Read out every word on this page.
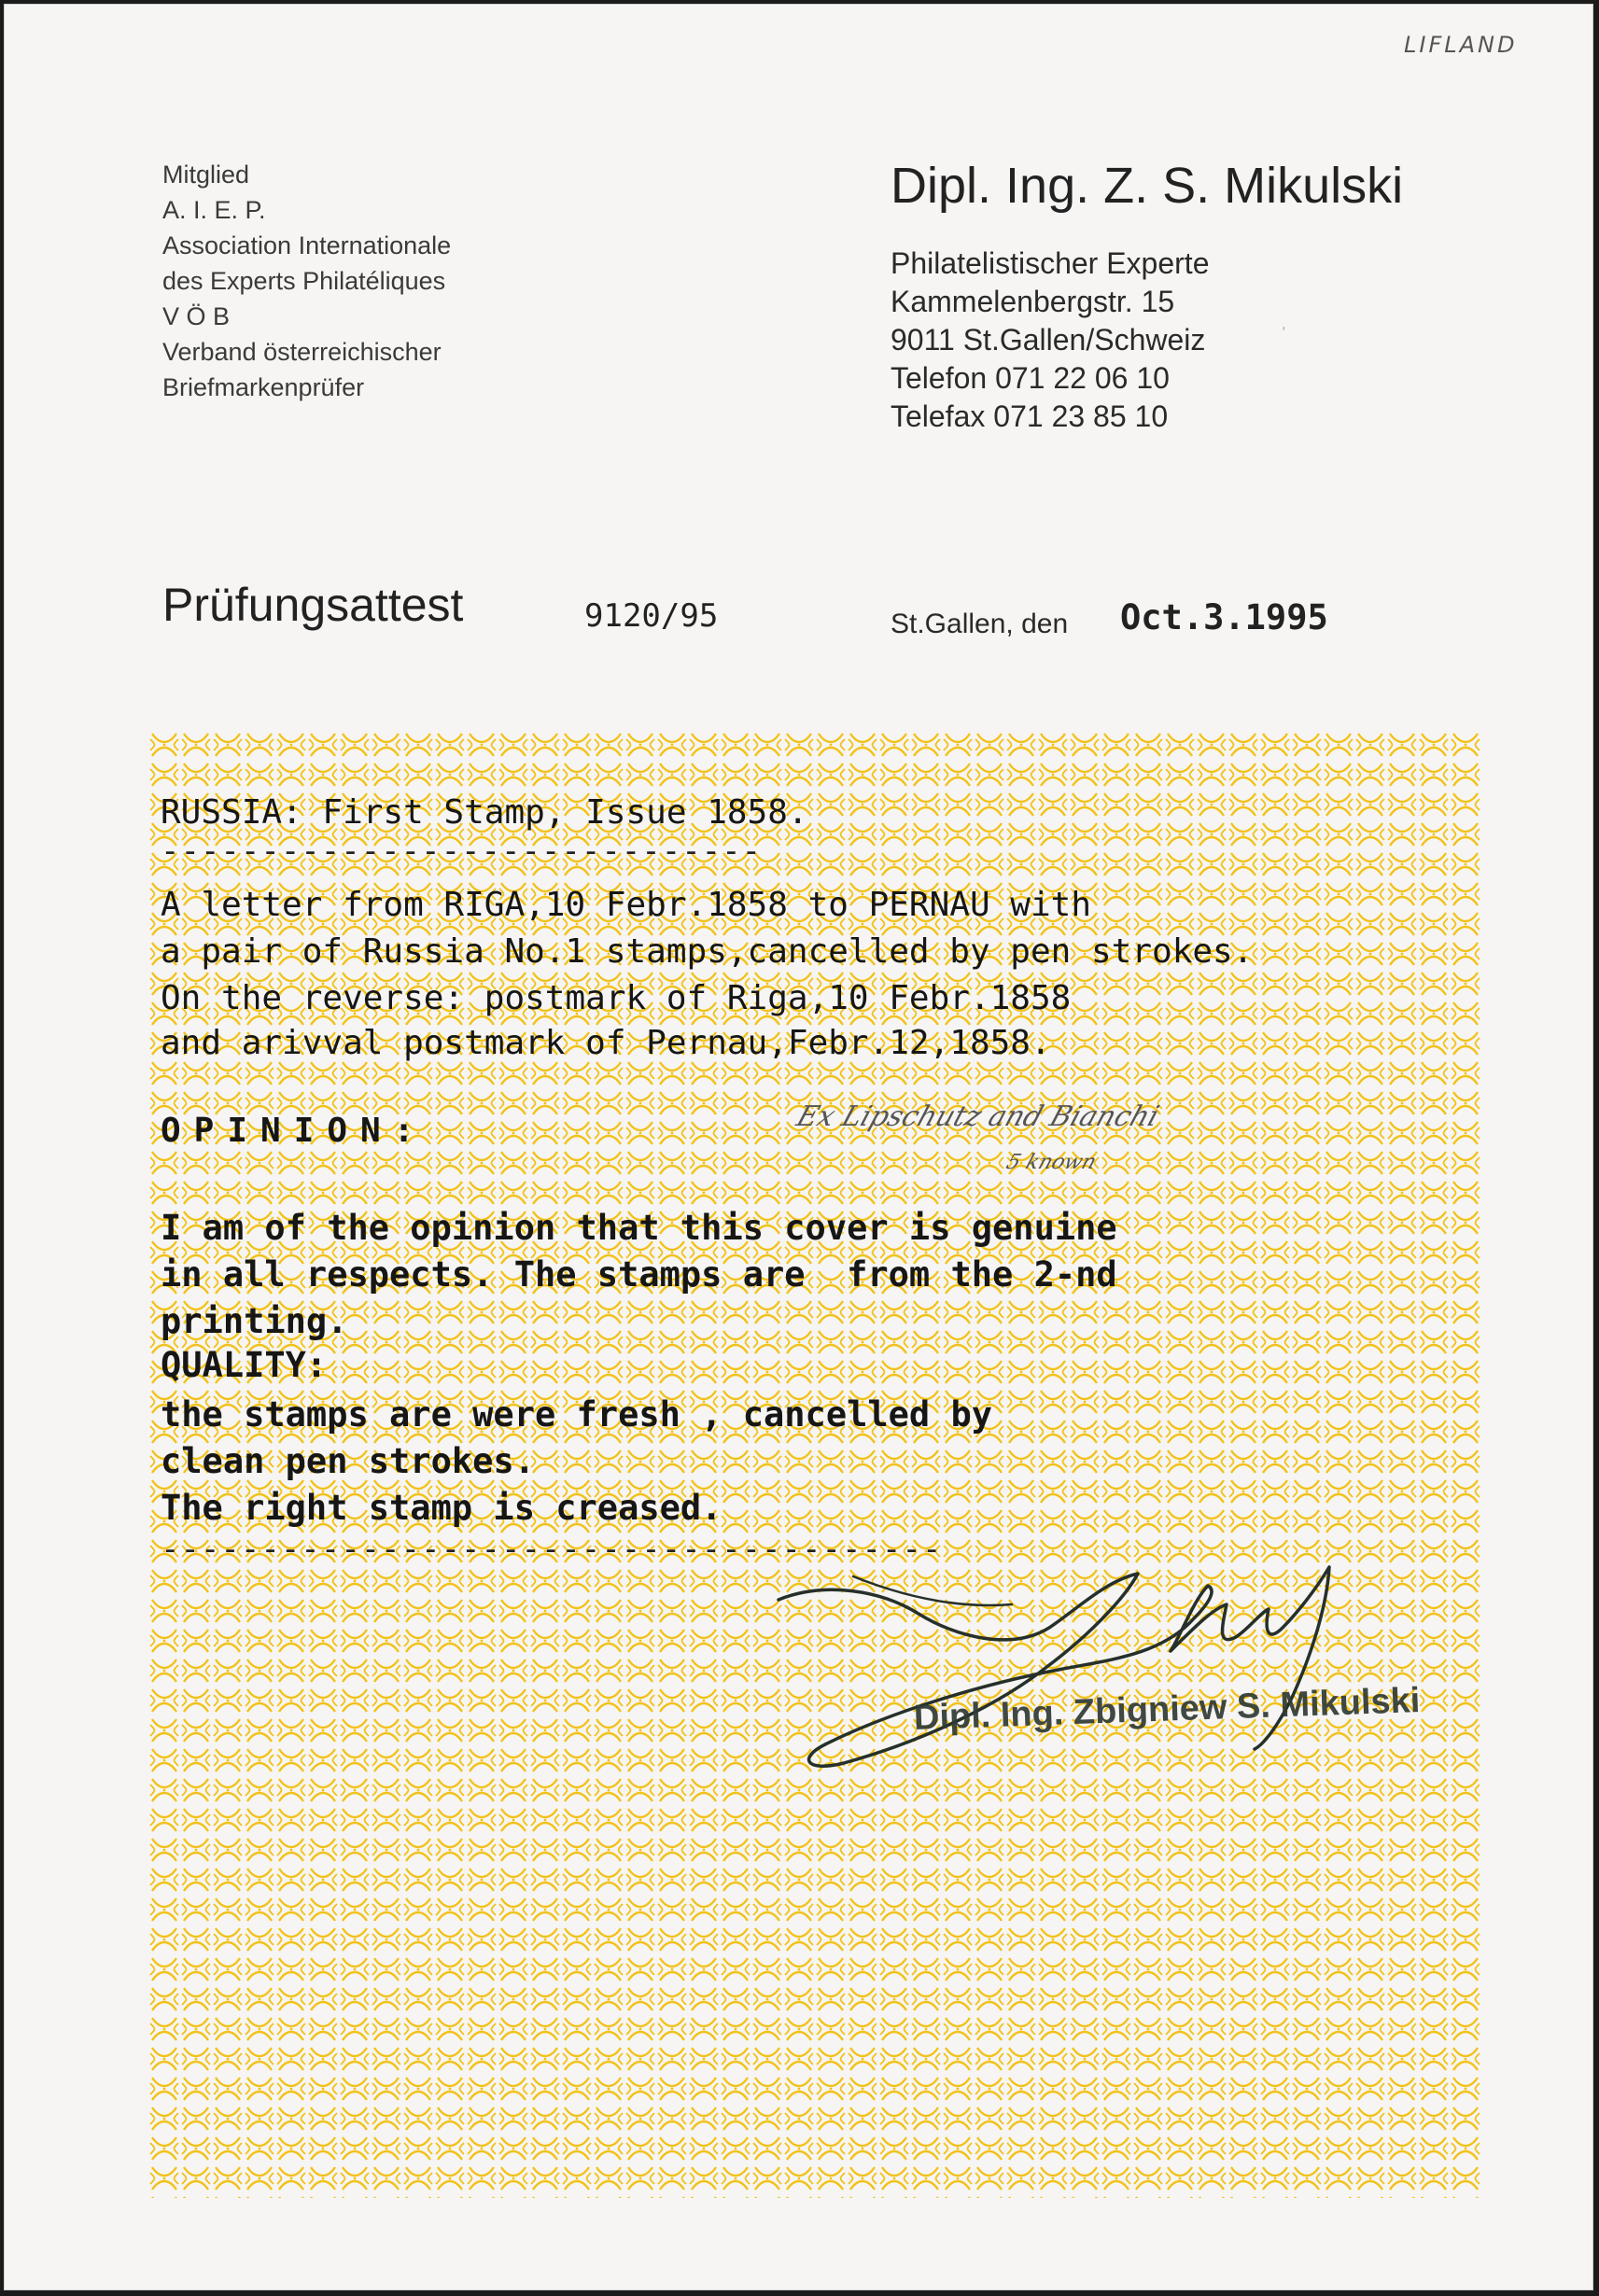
LIFLAND
Mitglied
A. I. E. P.
Association Internationale
des Experts Philatéliques
V Ö B
Verband österreichischer
Briefmarkenprüfer
Dipl. Ing. Z. S. Mikulski
Philatelistischer Experte
Kammelenbergstr. 15
9011 St.Gallen/Schweiz
Telefon 071 22 06 10
Telefax 071 23 85 10
Prüfungsattest	9120/95	St.Gallen, den Oct.3.1995
RUSSIA: First Stamp, Issue 1858.
------------------------------
A letter from RIGA,10 Febr.1858 to PERNAU with
a pair of Russia No.1 stamps,cancelled by pen strokes.
On the reverse: postmark of Riga,10 Febr.1858
and arivval postmark of Pernau,Febr.12,1858.
OPINION:
I am of the opinion that this cover is genuine
in all respects. The stamps are  from the 2-nd
printing.
QUALITY:
the stamps are were fresh , cancelled by
clean pen strokes.
The right stamp is creased.
---------------------------------------
Ex Lipschutz and Bianchi
5 known
Dipl. Ing. Zbigniew S. Mikulski
ˈ
